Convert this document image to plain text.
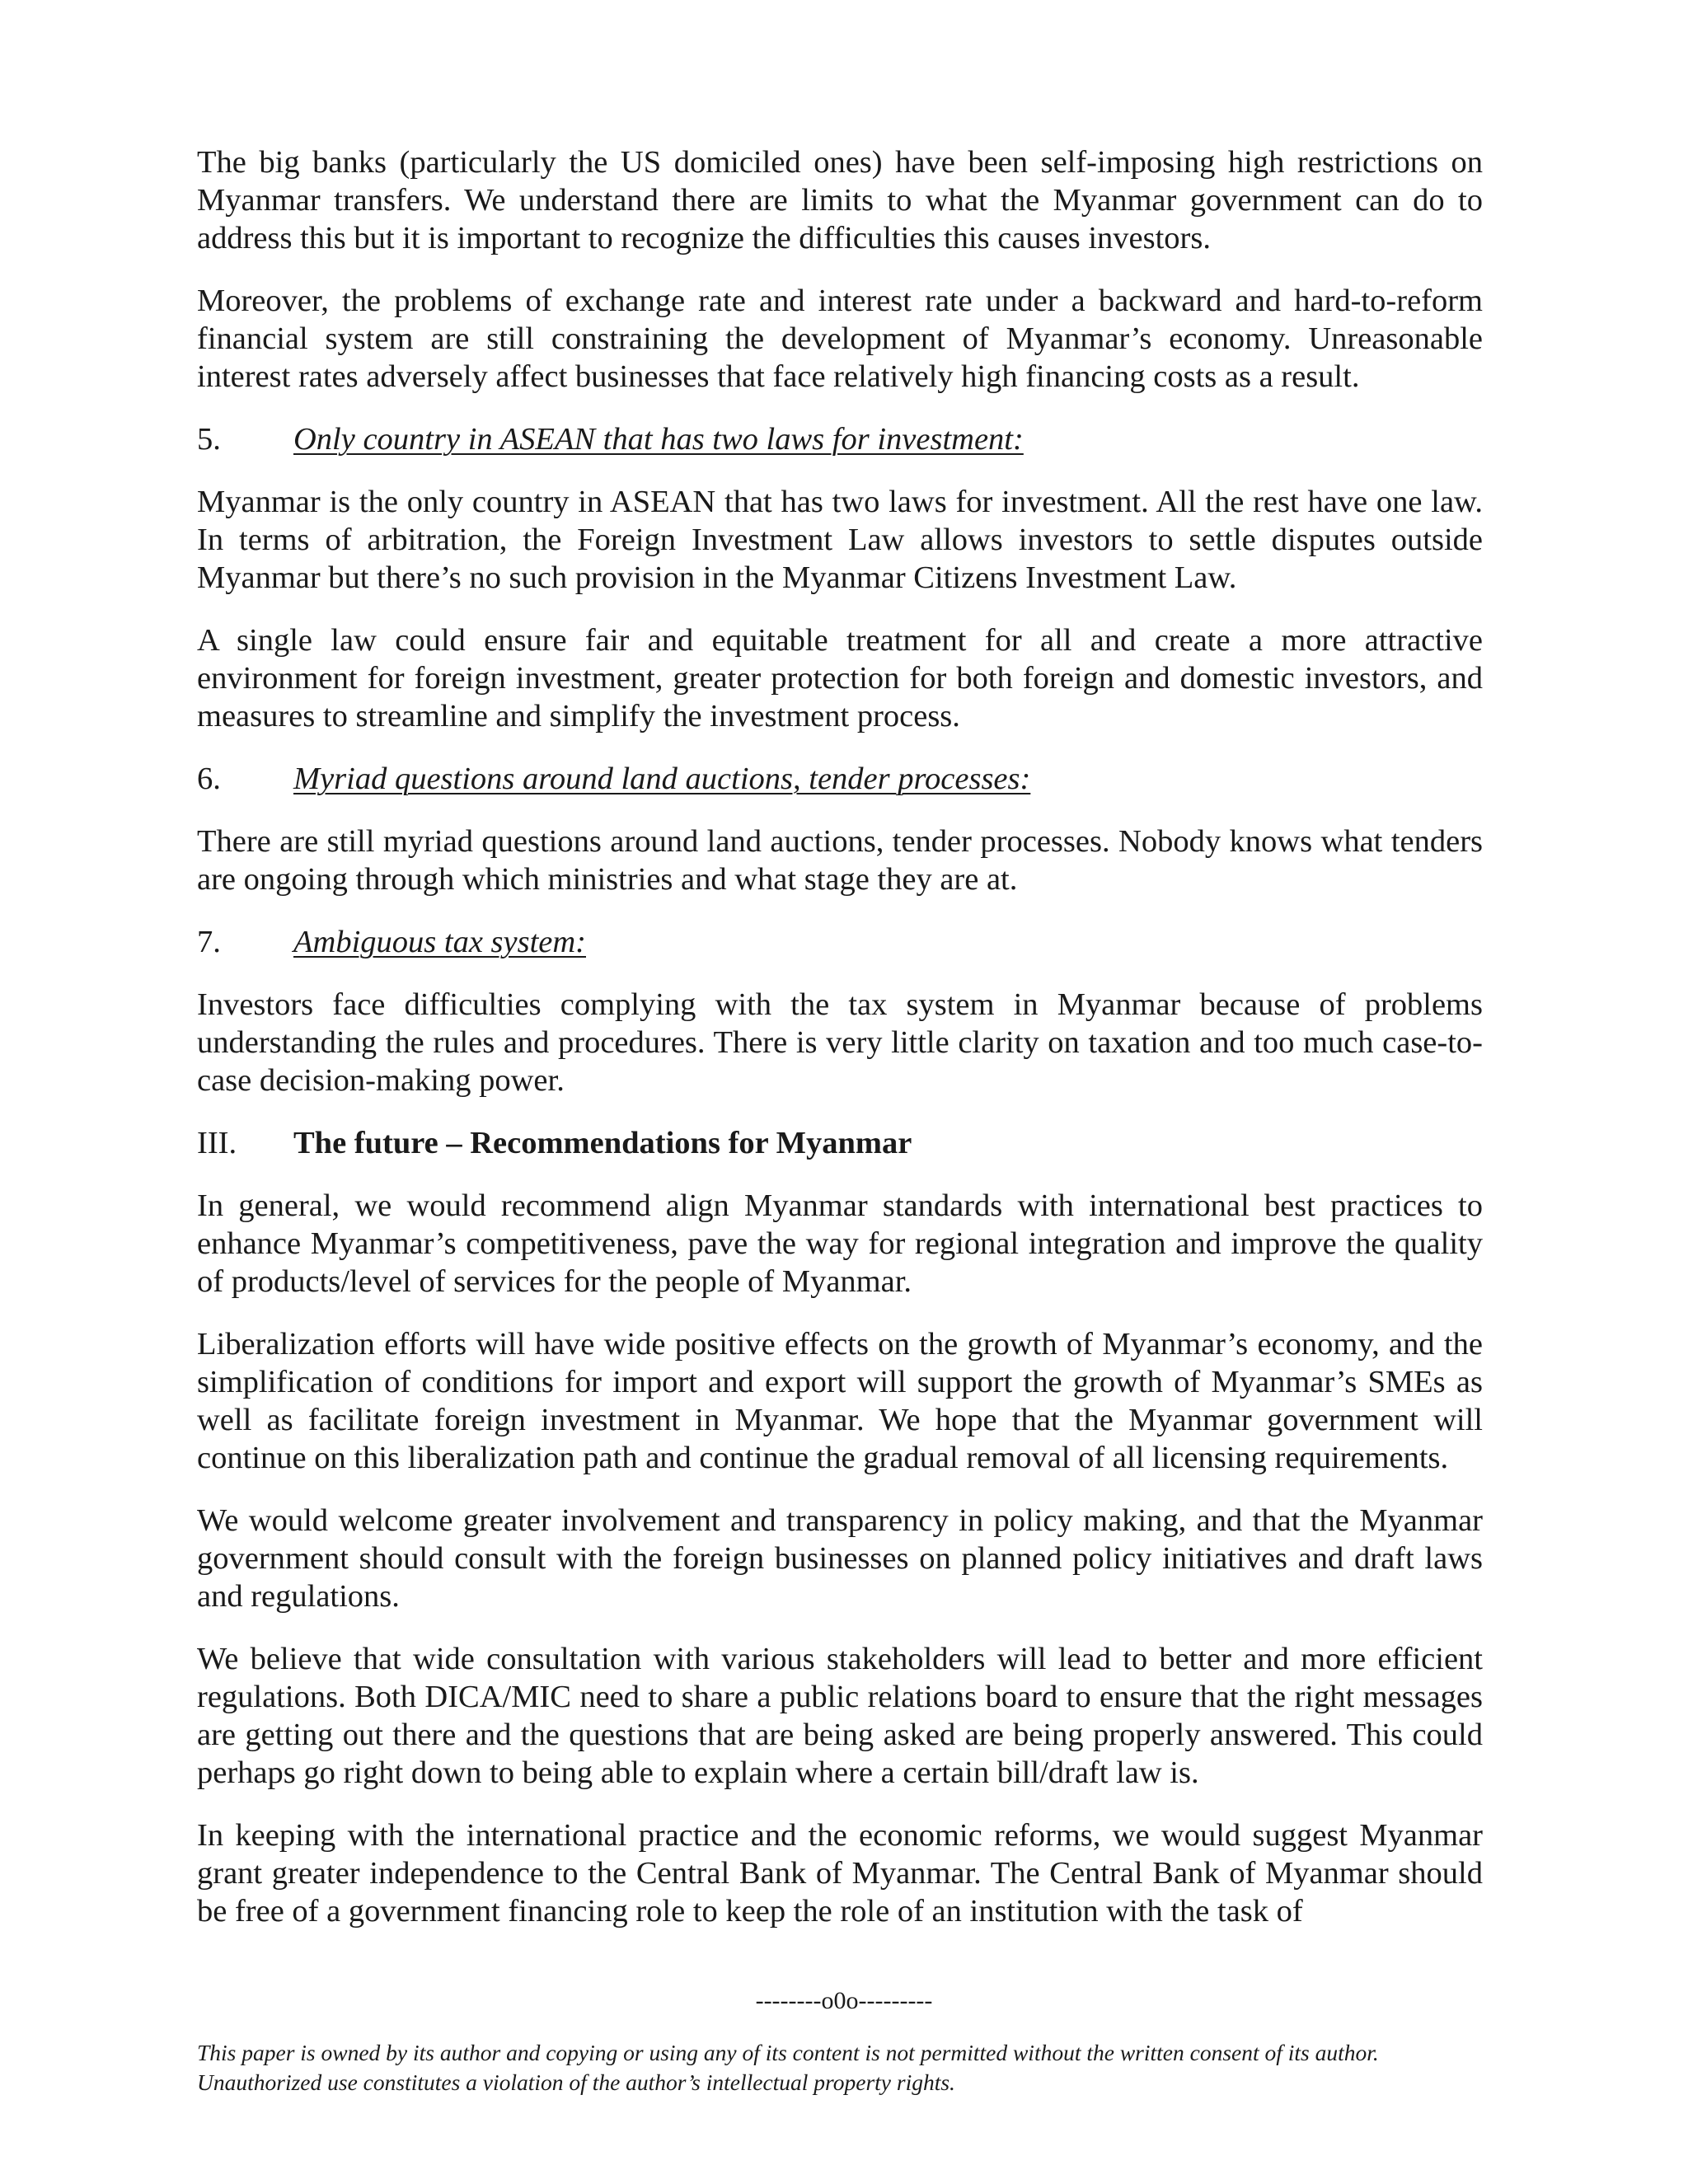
The big banks (particularly the US domiciled ones) have been self-imposing high restrictions on Myanmar transfers. We understand there are limits to what the Myanmar government can do to address this but it is important to recognize the difficulties this causes investors.

Moreover, the problems of exchange rate and interest rate under a backward and hard-to-reform financial system are still constraining the development of Myanmar’s economy. Unreasonable interest rates adversely affect businesses that face relatively high financing costs as a result.

5.	Only country in ASEAN that has two laws for investment:

Myanmar is the only country in ASEAN that has two laws for investment. All the rest have one law. In terms of arbitration, the Foreign Investment Law allows investors to settle disputes outside Myanmar but there’s no such provision in the Myanmar Citizens Investment Law.

A single law could ensure fair and equitable treatment for all and create a more attractive environment for foreign investment, greater protection for both foreign and domestic investors, and measures to streamline and simplify the investment process.

6.	Myriad questions around land auctions, tender processes:

There are still myriad questions around land auctions, tender processes. Nobody knows what tenders are ongoing through which ministries and what stage they are at.

7.	Ambiguous tax system:

Investors face difficulties complying with the tax system in Myanmar because of problems understanding the rules and procedures. There is very little clarity on taxation and too much case-to-case decision-making power.

III.	The future – Recommendations for Myanmar

In general, we would recommend align Myanmar standards with international best practices to enhance Myanmar’s competitiveness, pave the way for regional integration and improve the quality of products/level of services for the people of Myanmar.

Liberalization efforts will have wide positive effects on the growth of Myanmar’s economy, and the simplification of conditions for import and export will support the growth of Myanmar’s SMEs as well as facilitate foreign investment in Myanmar. We hope that the Myanmar government will continue on this liberalization path and continue the gradual removal of all licensing requirements.

We would welcome greater involvement and transparency in policy making, and that the Myanmar government should consult with the foreign businesses on planned policy initiatives and draft laws and regulations.

We believe that wide consultation with various stakeholders will lead to better and more efficient regulations. Both DICA/MIC need to share a public relations board to ensure that the right messages are getting out there and the questions that are being asked are being properly answered. This could perhaps go right down to being able to explain where a certain bill/draft law is.

In keeping with the international practice and the economic reforms, we would suggest Myanmar grant greater independence to the Central Bank of Myanmar. The Central Bank of Myanmar should be free of a government financing role to keep the role of an institution with the task of

--------o0o---------

This paper is owned by its author and copying or using any of its content is not permitted without the written consent of its author.

Unauthorized use constitutes a violation of the author’s intellectual property rights.
